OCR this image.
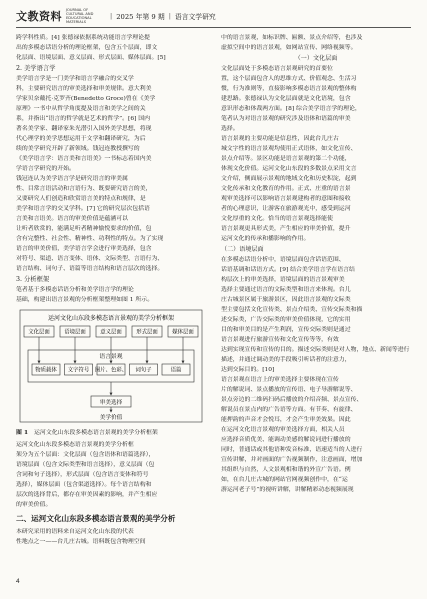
文教资料 JOURNAL OF CULTURAL AND EDUCATIONAL MATERIALS
| 2025 年第 9 期 | 语言文学研究
跨学科性质。[4] 张德禄依据系统功能语言学理论提
出的多模态话语分析的理论框架，包含五个层面，即文
化层面、语境层面、意义层面、形式层面、媒体层面。[5]
2. 美学语言学
美学语言学是一门美学和语言学融合的交叉学
科，主要研究语言的审美选择和审美规律。意大利美
学家贝奈戴托·克罗齐(Benedetto Groce)曾在《美学
原理》一书中从哲学角度提及语言和美学之间的关
系，并指出“语言的哲学就是艺术的哲学”。[6] 国内
著名美学家、翻译家朱光潜引入国外美学思想，将现
代心理学的美学思想运用于文学和翻译研究，为后
续的美学研究开辟了新领域。钱冠连教授撰写的
《美学语言学：语言美和言语美》一书标志着国内美
学语言学研究的开始。
钱冠连认为美学语言学是研究语言的审美属
性、目常言语活动和言语行为、既要研究语言的美，
又要研究人们创造和欣赏语言美的特点和规律，是
美学和语言学的交叉学科。[7] 它的研究层次包括语
言美和言语美。语言的审美价值是蕴涵可以
让听者欣赏的，能满足听者精神愉悦要求的价值，包
含有完整性、社会性、精神性、功利性的特点。为了实现
语言的审美价值，美学语言学会进行审美选择，包含
对符号、渠道、语言变体、语体、文际类型、言语行为、
语言结构、词句子、语篇等语言结构和语言层次的选择。
3. 分析框架
笔者基于多模态话语分析和美学语言学的理论
基础，构建出语言景观的分析框架整理如图 1 所示。
运河文化山东段多模态语言景观的美学分析框架
文化层面	语境层面	意义层面	形式层面	媒体层面
语言景观
物质载体 文字符号 图片、色彩、 词句子	语篇
审美选择
美学价值
图 1 运河文化山东段多模态语言景观的美学分析框架
运河文化山东段多模态语言景观的美学分析框
架分为五个层面：文化层面（包含语体和语篇选择），
语境层面（包含文际类型和语言选择），意义层面（包
含词和句子选择），形式层面（包含语言变体和符号
选择），媒体层面（包含渠道选择）。每个语言结构和
层次的选择背后，都存在审美因素的影响，并产生相应
的审美价值。
二、运河文化山东段多模态语言景观的美学分析
本研究采用的语料来自运河文化山东段的代表
性地点之一——台儿庄古城。语料既包含物理空间
中的语言景观，如标识牌、匾额、景点介绍等，也涉及
虚拟空间中的语言景观，如网站宣传、网络视频等。
（一）文化层面
文化层面处于多模态语言景观研究的首要位
置，这个层面包含人的思维方式、价值观念、生活习
惯，行为准则等，直接影响多模态语言景观的整体构
建思路。张德禄认为文化层面就是文化语境，包含
意识形态和体裁两方面。[8] 综合美学语言学的理论，
笔者认为对语言景观的研究涉及语体和语篇的审美
选择。
语言景观的主要功能是信息性，因此台儿庄古
城文字性的语言景观均使用正式语体，如文化宣传、
景点介绍等。景区功能是语言景观的第二个功能，
体现文化价值。运河文化山东段的多数景点采用文言
文介绍，侧面展示景观的地域文化和历史积淀，起到
文化传承和文化教育的作用。正式、庄重的语言景
观审美选择可以影响语言景观建构者的意图和接收
者的心理意识，让游客在旅游观光中，感受到运河
文化厚重的文化。恰当的语言景观选择能使
语言景观更具形式美，产生相应的审美价值，提升
运河文化的传承和播影响的作用。
（二）语境层面
在多模态话语分析中，语境层面包含话语范围、
话语基调和话语方式。[9] 结合美学语言学在语言结
构层次上的审美选择，语境层面的语言景观审美
选择主要通过语言的文际类型和语言来体现。台儿
庄古城景区属于旅游景区，因此语言景观的文际类
型主要包括文化宣传类、景点介绍类、宣传交际类和描
述交际类，广告交际类的审美价值体现，它的实用
目的和审美目的是产生利润，宣传交际类则是通过
语言景观进行旅游宣传和文化宣传等等，有效
达到实现宣传和宣传的目的。描述交际类则是对人物，地点、新闻等进行
描述，并通过调动美的手段吸引听话者的注意力，
达到交际目的。[10]
语言景观在语言上的审美选择主要体现在宣传
片的解说词、景点播放的宣传语、电子导游解说等、
景点旁边的二维码扫码后播放的介绍音频、景点宣传、
解说员在景点内的广告语等方面。有节奏、有旋律、
能押韵的声音才会悦耳，才会产生审美效果。因此
在运河文化语言景观的审美选择方面，相关人员
应选择音质优美、能调动美感的解说词进行播放的
同时，普通话或其他语种发音标准，语速适当的人进行
宣传讲解，并对画面的广告视频制作，注意画面，增加
其组织与自然，人文景观相和谐的外宣广告语。例
如，在台儿庄古城的网站官网视频创作中，在“运
游运河老子号”的视听讲解，讲解精彩动态视频展现
4
